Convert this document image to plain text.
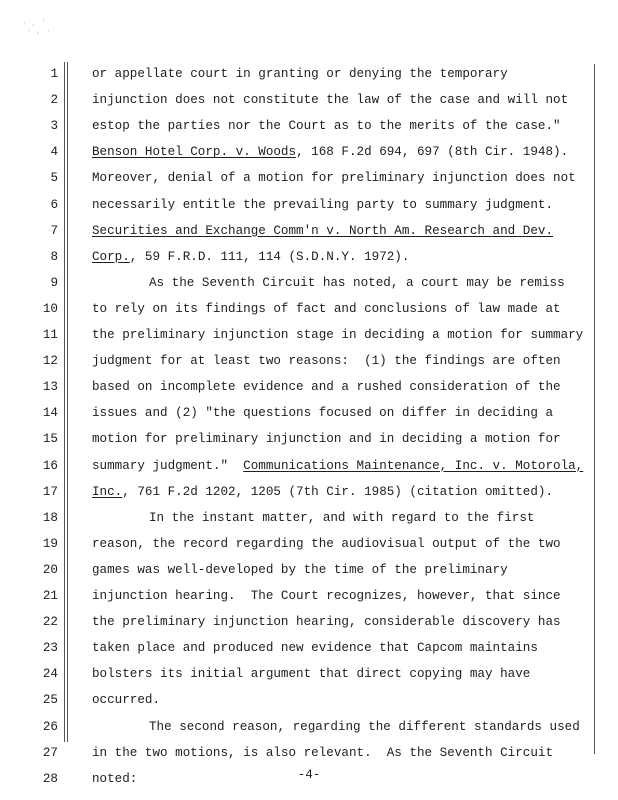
· , '
· , ·
1
2
3
4
5
6
7
8
9
10
11
12
13
14
15
16
17
18
19
20
21
22
23
24
25
26
27
28
or appellate court in granting or denying the temporary
injunction does not constitute the law of the case and will not
estop the parties nor the Court as to the merits of the case."
Benson Hotel Corp. v. Woods, 168 F.2d 694, 697 (8th Cir. 1948).
Moreover, denial of a motion for preliminary injunction does not
necessarily entitle the prevailing party to summary judgment.
Securities and Exchange Comm'n v. North Am. Research and Dev.
Corp., 59 F.R.D. 111, 114 (S.D.N.Y. 1972).
As the Seventh Circuit has noted, a court may be remiss
to rely on its findings of fact and conclusions of law made at
the preliminary injunction stage in deciding a motion for summary
judgment for at least two reasons:  (1) the findings are often
based on incomplete evidence and a rushed consideration of the
issues and (2) "the questions focused on differ in deciding a
motion for preliminary injunction and in deciding a motion for
summary judgment."  Communications Maintenance, Inc. v. Motorola,
Inc., 761 F.2d 1202, 1205 (7th Cir. 1985) (citation omitted).
In the instant matter, and with regard to the first
reason, the record regarding the audiovisual output of the two
games was well-developed by the time of the preliminary
injunction hearing.  The Court recognizes, however, that since
the preliminary injunction hearing, considerable discovery has
taken place and produced new evidence that Capcom maintains
bolsters its initial argument that direct copying may have
occurred.
The second reason, regarding the different standards used
in the two motions, is also relevant.  As the Seventh Circuit
noted:	-4-
